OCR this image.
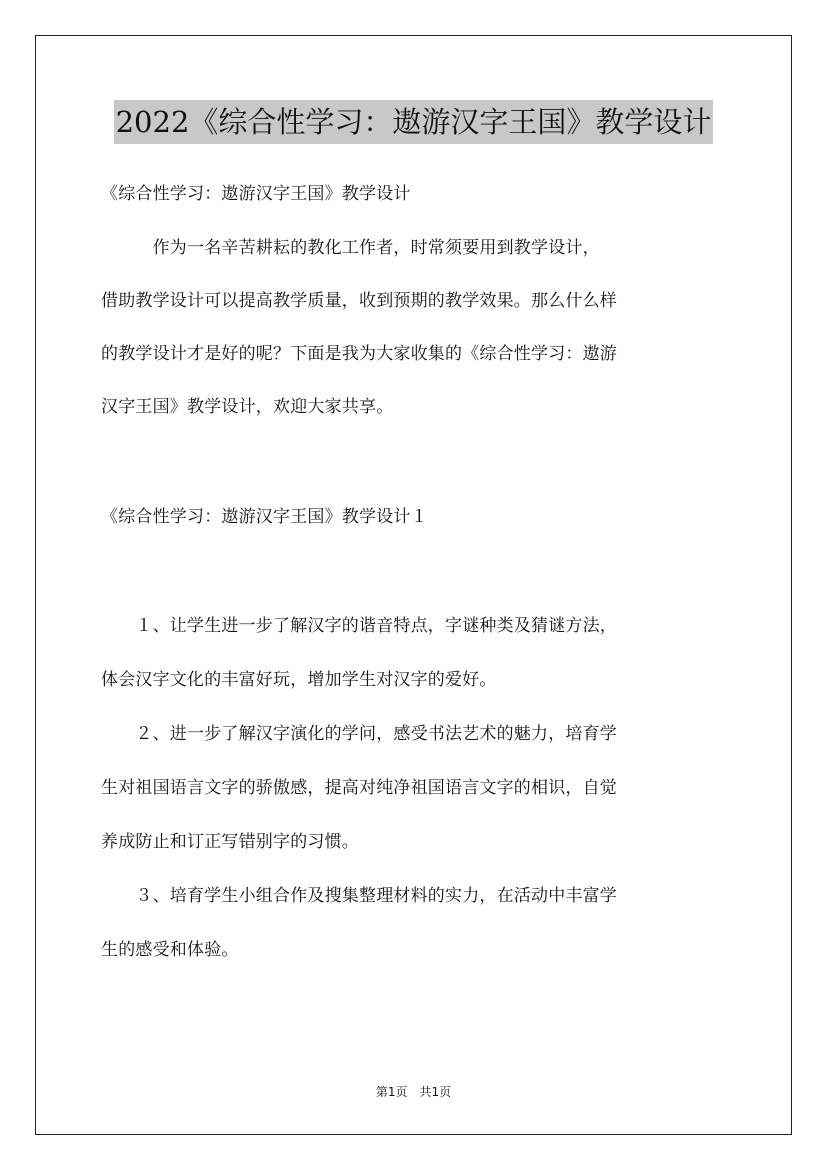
2022《综合性学习：遨游汉字王国》教学设计

《综合性学习：遨游汉字王国》教学设计

　　　作为一名辛苦耕耘的教化工作者，时常须要用到教学设计，

借助教学设计可以提高教学质量，收到预期的教学效果。那么什么样

的教学设计才是好的呢？下面是我为大家收集的《综合性学习：遨游

汉字王国》教学设计，欢迎大家共享。

《综合性学习：遨游汉字王国》教学设计１

　　１、让学生进一步了解汉字的谐音特点，字谜种类及猜谜方法，

体会汉字文化的丰富好玩，增加学生对汉字的爱好。

　　２、进一步了解汉字演化的学问，感受书法艺术的魅力，培育学

生对祖国语言文字的骄傲感，提高对纯净祖国语言文字的相识，自觉

养成防止和订正写错别字的习惯。

　　３、培育学生小组合作及搜集整理材料的实力，在活动中丰富学

生的感受和体验。

第1页　共1页
